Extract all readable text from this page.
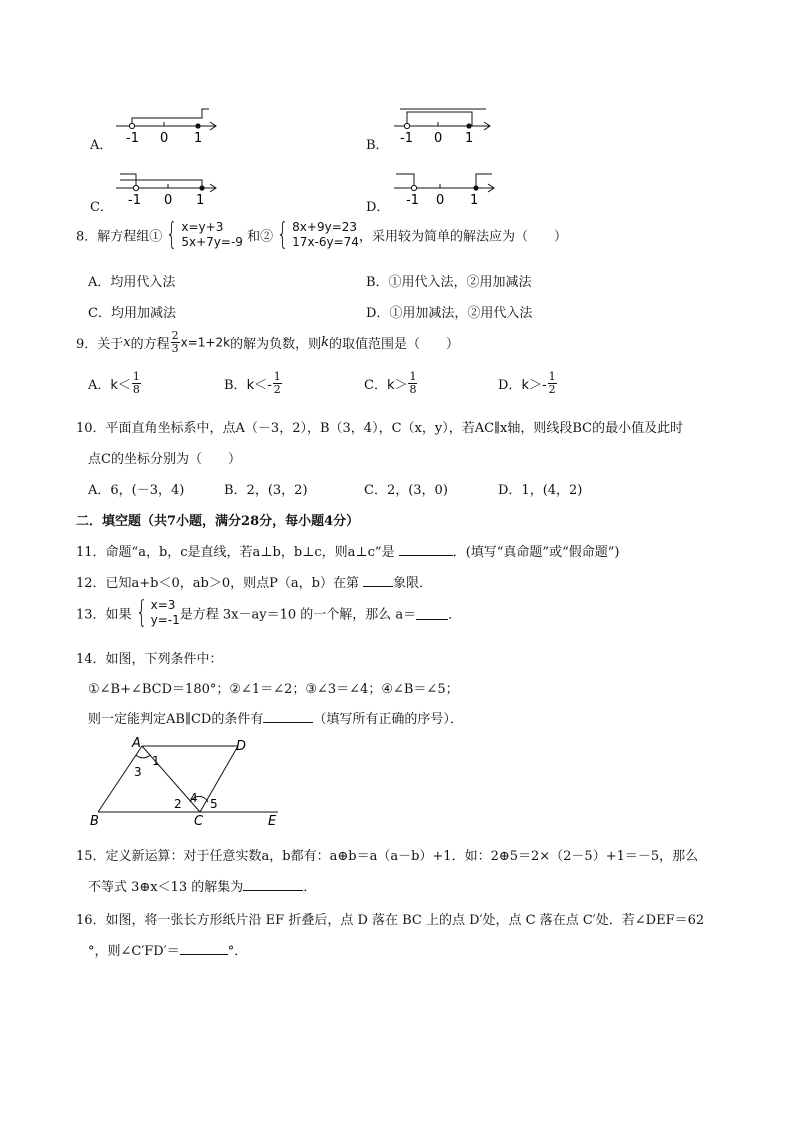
A． -1 0 1	B． -1 0 1
C． -1 0 1	D． -1 0 1
8．解方程组① { x=y+3
5x+7y=-9 和② { 8x+9y=23
17x-6y=74 ，采用较为简单的解法应为（　　）
A．均用代入法	B．①用代入法，②用加减法
C．均用加减法	D．①用加减法，②用代入法
9．关于x的方程 $\frac{2}{3} x=1+2k$的解为负数，则k的取值范围是（　　）
A．$k< \frac{1}{8}$	B．$k<- \frac{1}{2}$	C．$k> \frac{1}{8}$	D．$k>- \frac{1}{2}$
10．平面直角坐标系中，点A（－3，2），B（3，4），C（x，y），若AC∥x轴，则线段BC的最小值及此时
点C的坐标分别为（　　）
A．6，(－3，4)	B．2，(3，2)	C．2，(3，0)	D．1，(4，2)
二．填空题（共7小题，满分28分，每小题4分）
11．命题“a，b，c是直线，若a⊥b，b⊥c，则a⊥c”是	．(填写“真命题”或“假命题”)
12．已知a+b＜0，ab＞0，则点P（a，b）在第	象限．
13．如果 { x=3
y=-1 是方程 3x－ay＝10 的一个解，那么 a＝ ．
14．如图，下列条件中：
①∠B+∠BCD＝180°；②∠1＝∠2；③∠3＝∠4；④∠B＝∠5；
则一定能判定AB∥CD的条件有	（填写所有正确的序号）．
A	D
B	C	E
1
2
3
4 5
15．定义新运算：对于任意实数a，b都有：a⊕b＝a（a－b）+1．如：2⊕5＝2×（2－5）+1＝－5，那么
不等式 3⊕x＜13 的解集为	．
16．如图，将一张长方形纸片沿 EF 折叠后，点 D 落在 BC 上的点 D′处，点 C 落在点 C′处．若∠DEF＝62
°，则∠C′FD′＝	°．
